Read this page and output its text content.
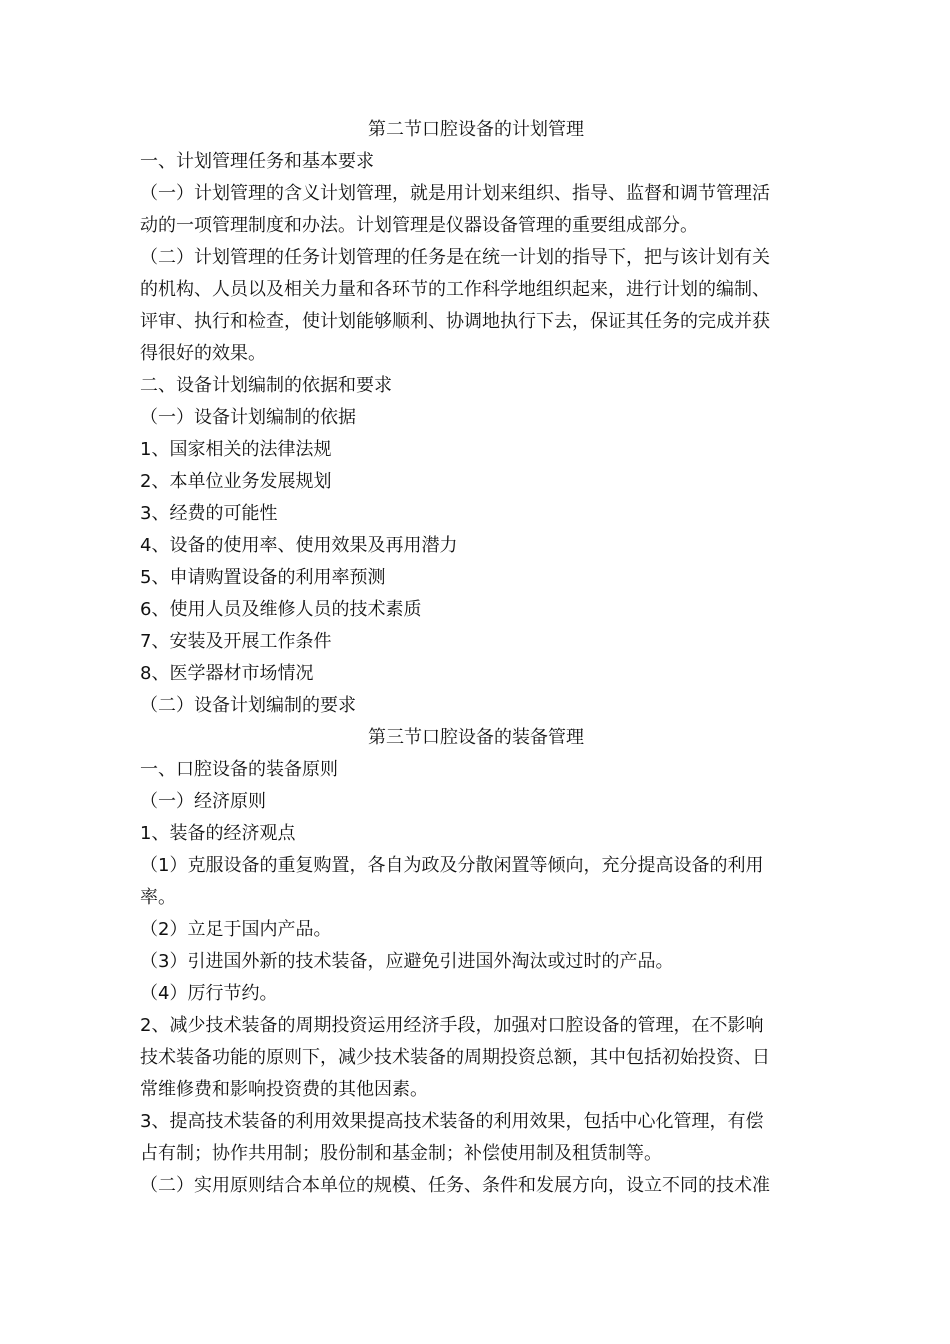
第二节口腔设备的计划管理
一、计划管理任务和基本要求
（一）计划管理的含义计划管理，就是用计划来组织、指导、监督和调节管理活
动的一项管理制度和办法。计划管理是仪器设备管理的重要组成部分。
（二）计划管理的任务计划管理的任务是在统一计划的指导下，把与该计划有关
的机构、人员以及相关力量和各环节的工作科学地组织起来，进行计划的编制、
评审、执行和检查，使计划能够顺利、协调地执行下去，保证其任务的完成并获
得很好的效果。
二、设备计划编制的依据和要求
（一）设备计划编制的依据
1、国家相关的法律法规
2、本单位业务发展规划
3、经费的可能性
4、设备的使用率、使用效果及再用潜力
5、申请购置设备的利用率预测
6、使用人员及维修人员的技术素质
7、安装及开展工作条件
8、医学器材市场情况
（二）设备计划编制的要求
第三节口腔设备的装备管理
一、口腔设备的装备原则
（一）经济原则
1、装备的经济观点
（1）克服设备的重复购置，各自为政及分散闲置等倾向，充分提高设备的利用
率。
（2）立足于国内产品。
（3）引进国外新的技术装备，应避免引进国外淘汰或过时的产品。
（4）厉行节约。
2、减少技术装备的周期投资运用经济手段，加强对口腔设备的管理，在不影响
技术装备功能的原则下，减少技术装备的周期投资总额，其中包括初始投资、日
常维修费和影响投资费的其他因素。
3、提高技术装备的利用效果提高技术装备的利用效果，包括中心化管理，有偿
占有制；协作共用制；股份制和基金制；补偿使用制及租赁制等。
（二）实用原则结合本单位的规模、任务、条件和发展方向，设立不同的技术准
